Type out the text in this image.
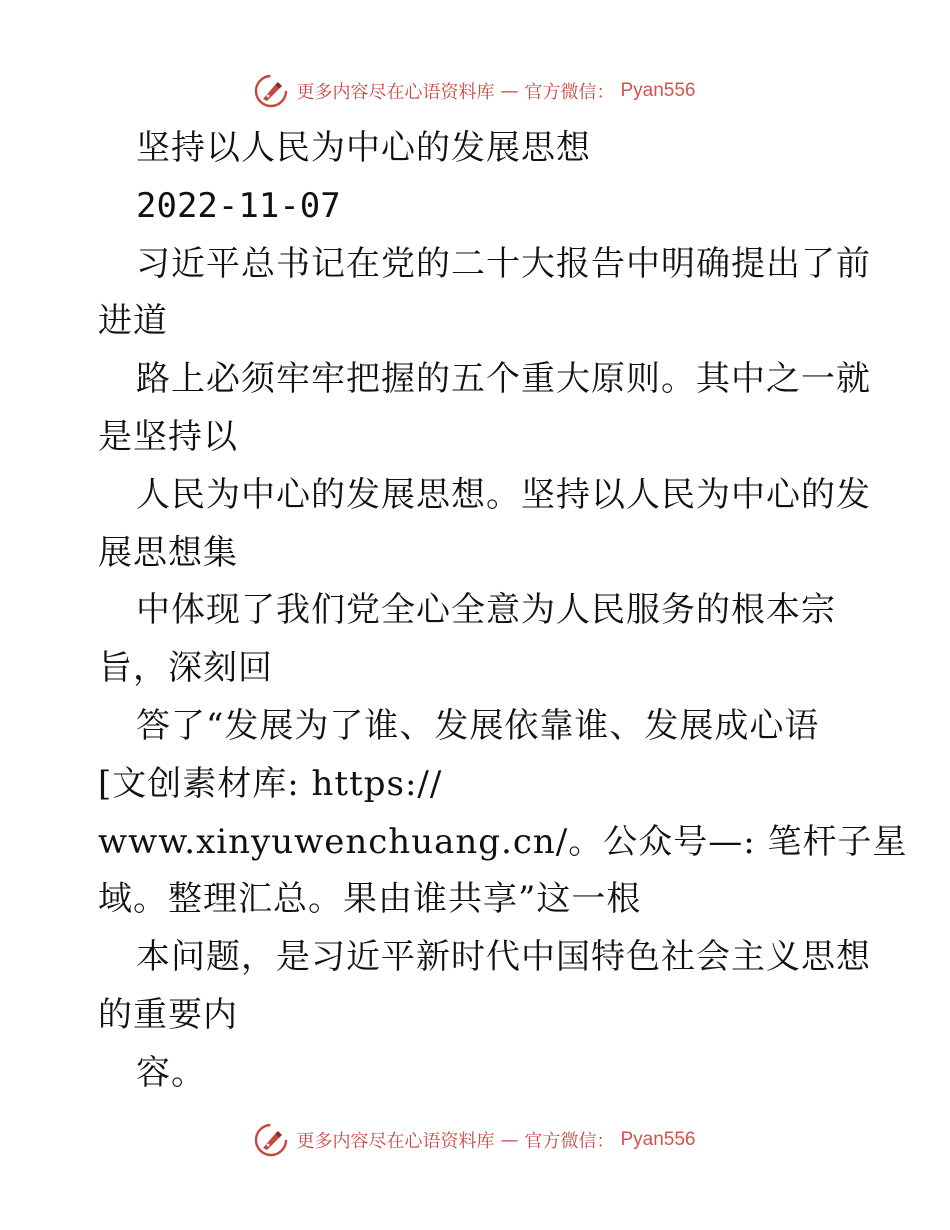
更多内容尽在心语资料库 — 官方微信： Pyan556
坚持以人民为中心的发展思想
2022-11-07
习近平总书记在党的二十大报告中明确提出了前
进道
路上必须牢牢把握的五个重大原则。其中之一就
是坚持以
人民为中心的发展思想。坚持以人民为中心的发
展思想集
中体现了我们党全心全意为人民服务的根本宗
旨，深刻回
答了“发展为了谁、发展依靠谁、发展成心语
[文创素材库: https://
www.xinyuwenchuang.cn/。公众号—: 笔杆子星
域。整理汇总。果由谁共享”这一根
本问题，是习近平新时代中国特色社会主义思想
的重要内
容。
更多内容尽在心语资料库 — 官方微信： Pyan556
